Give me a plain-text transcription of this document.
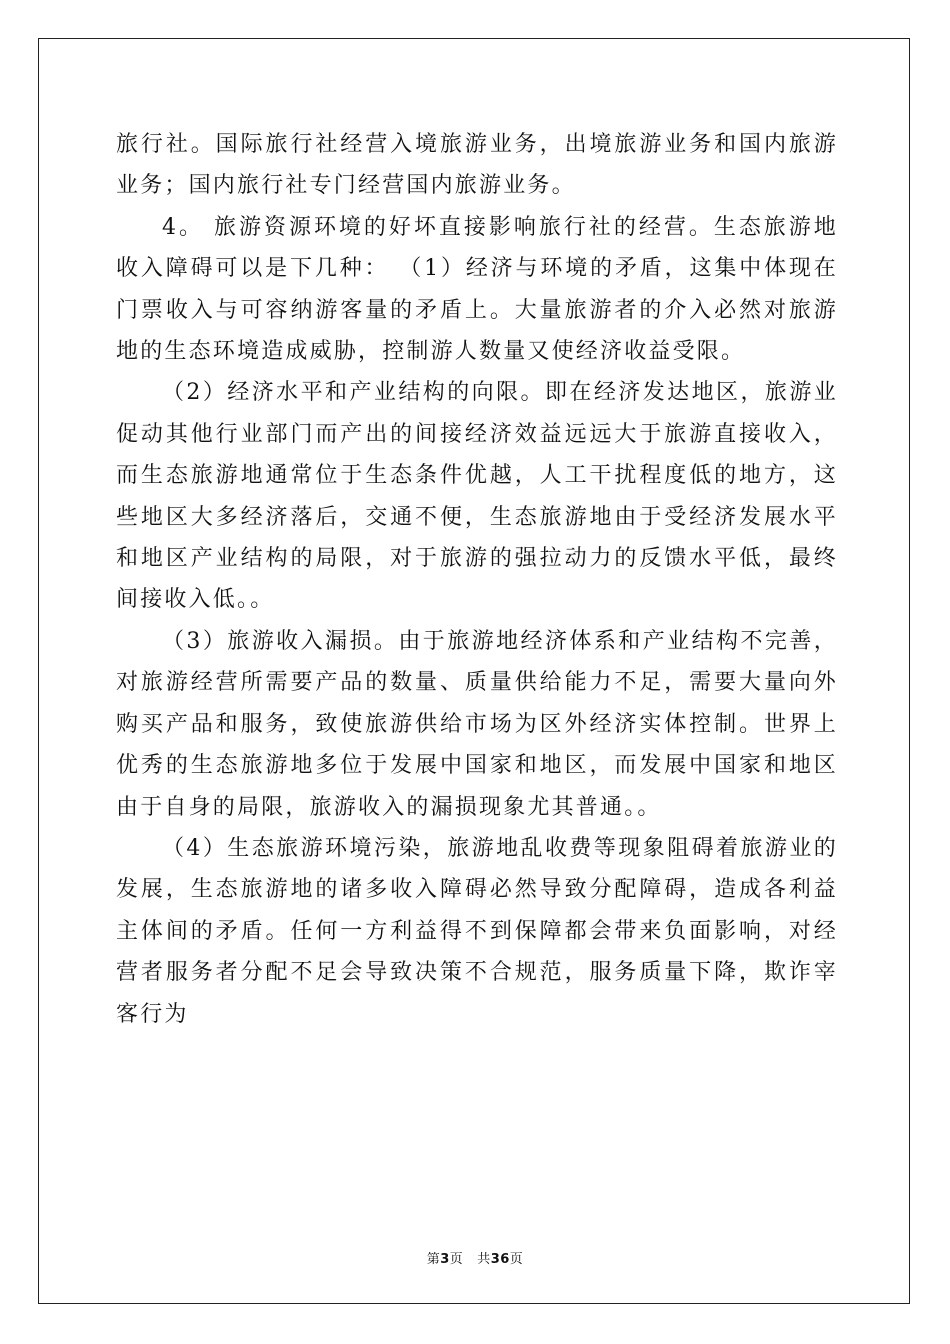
旅行社。国际旅行社经营入境旅游业务，出境旅游业务和国内旅游业务；国内旅行社专门经营国内旅游业务。

4。 旅游资源环境的好坏直接影响旅行社的经营。生态旅游地收入障碍可以是下几种： （1）经济与环境的矛盾，这集中体现在门票收入与可容纳游客量的矛盾上。大量旅游者的介入必然对旅游地的生态环境造成威胁，控制游人数量又使经济收益受限。

（2）经济水平和产业结构的向限。即在经济发达地区，旅游业促动其他行业部门而产出的间接经济效益远远大于旅游直接收入，而生态旅游地通常位于生态条件优越，人工干扰程度低的地方，这些地区大多经济落后，交通不便，生态旅游地由于受经济发展水平和地区产业结构的局限，对于旅游的强拉动力的反馈水平低，最终间接收入低。。

（3）旅游收入漏损。由于旅游地经济体系和产业结构不完善，对旅游经营所需要产品的数量、质量供给能力不足，需要大量向外购买产品和服务，致使旅游供给市场为区外经济实体控制。世界上优秀的生态旅游地多位于发展中国家和地区，而发展中国家和地区由于自身的局限，旅游收入的漏损现象尤其普通。。

（4）生态旅游环境污染，旅游地乱收费等现象阻碍着旅游业的发展，生态旅游地的诸多收入障碍必然导致分配障碍，造成各利益主体间的矛盾。任何一方利益得不到保障都会带来负面影响，对经营者服务者分配不足会导致决策不合规范，服务质量下降，欺诈宰客行为

第3页 共36页
